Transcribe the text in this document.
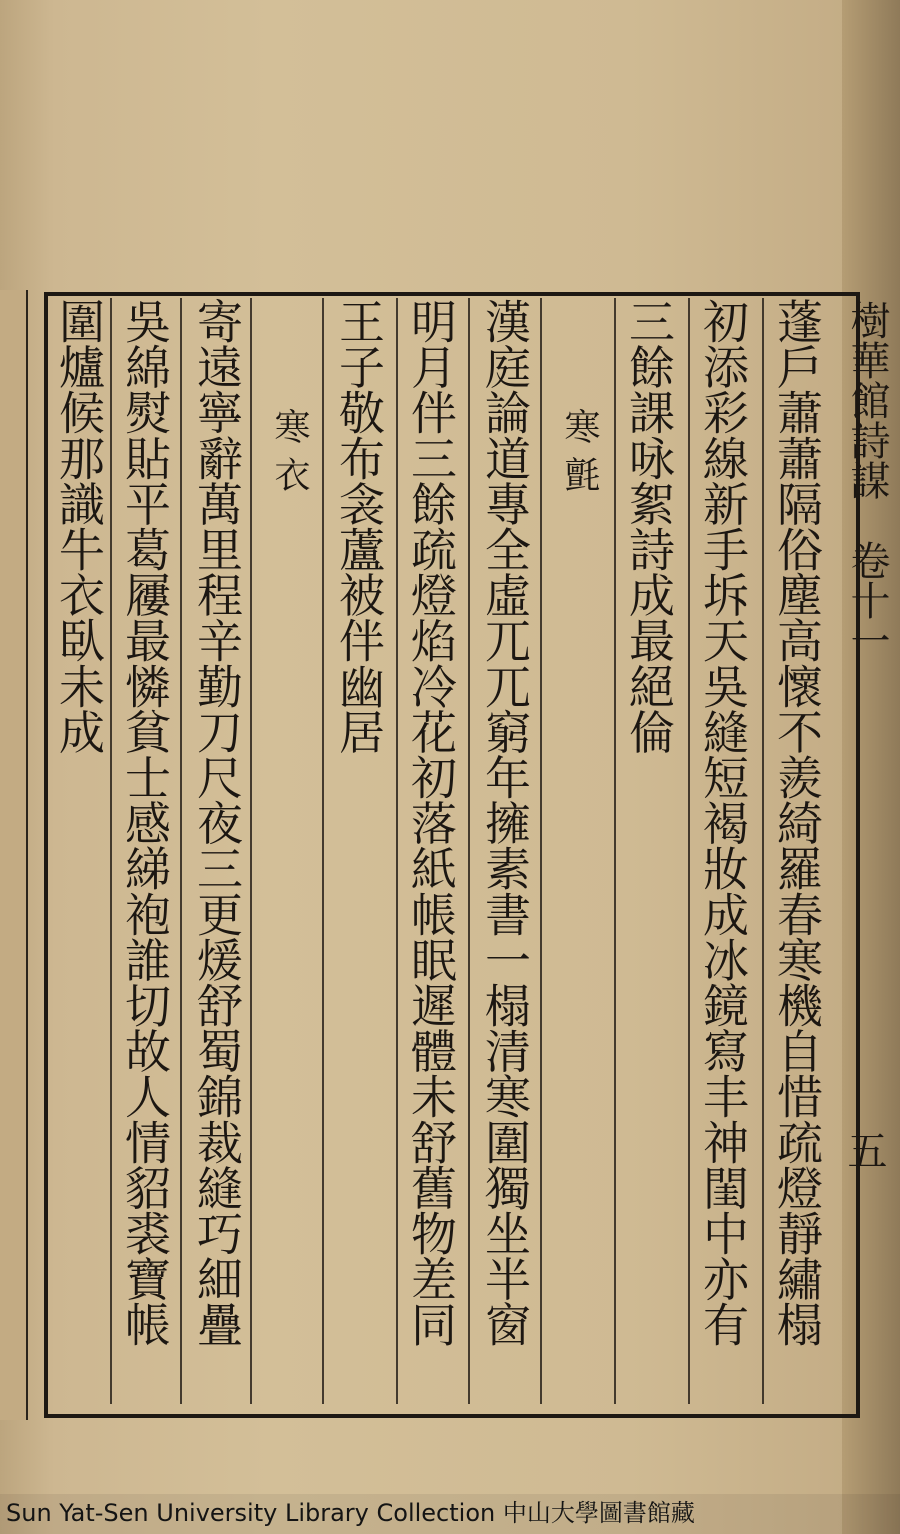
樹華館詩謀　卷十一
五
蓬戶蕭蕭隔俗塵高懷不羨綺羅春寒機自惜疏燈靜繡榻
初添彩線新手坼天吳縫短褐妝成冰鏡寫丰神閨中亦有
三餘課咏絮詩成最絕倫
寒氈
漢庭論道專全虛兀兀窮年擁素書一榻清寒圍獨坐半窗
明月伴三餘疏燈焰冷花初落紙帳眠遲體未舒舊物差同
王子敬布衾蘆被伴幽居
寒衣
寄遠寧辭萬里程辛勤刀尺夜三更煖舒蜀錦裁縫巧細疊
吳綿熨貼平葛屨最憐貧士感綈袍誰切故人情貂裘寶帳
圍爐候那識牛衣臥未成
Sun Yat-Sen University Library Collection 中山大學圖書館藏
